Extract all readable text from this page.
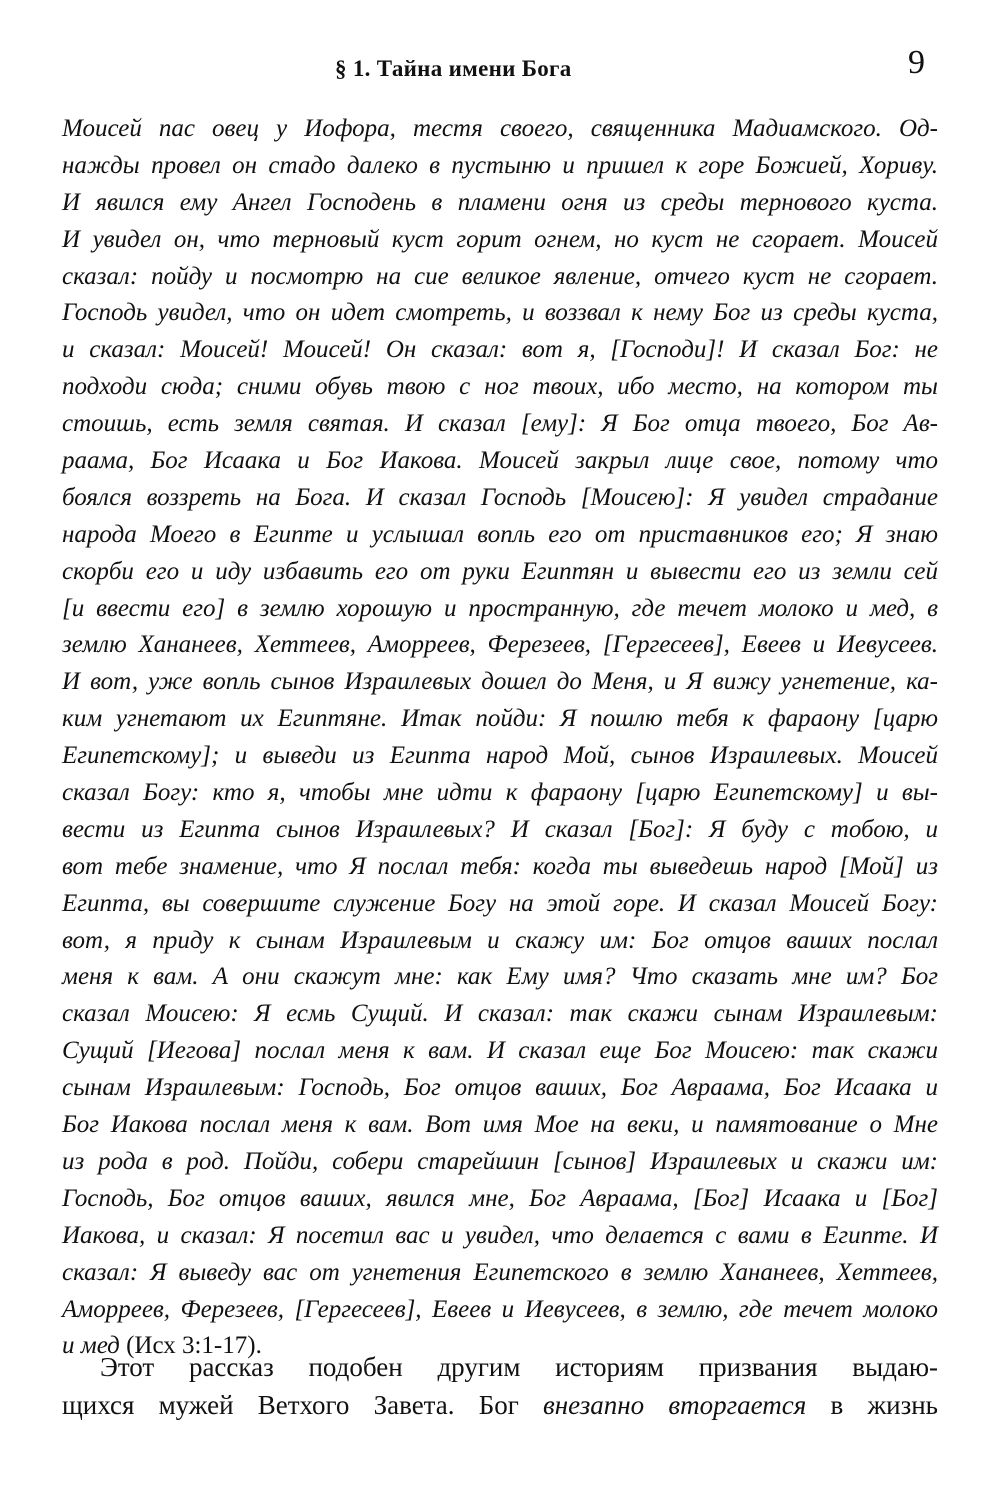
§ 1. Тайна имени Бога	9
Моисей пас овец у Иофора, тестя своего, священника Мадиамского. Од-
нажды провел он стадо далеко в пустыню и пришел к горе Божией, Хориву.
И явился ему Ангел Господень в пламени огня из среды тернового куста.
И увидел он, что терновый куст горит огнем, но куст не сгорает. Моисей
сказал: пойду и посмотрю на сие великое явление, отчего куст не сгорает.
Господь увидел, что он идет смотреть, и воззвал к нему Бог из среды куста,
и сказал: Моисей! Моисей! Он сказал: вот я, [Господи]! И сказал Бог: не
подходи сюда; сними обувь твою с ног твоих, ибо место, на котором ты
стоишь, есть земля святая. И сказал [ему]: Я Бог отца твоего, Бог Ав-
раама, Бог Исаака и Бог Иакова. Моисей закрыл лице свое, потому что
боялся воззреть на Бога. И сказал Господь [Моисею]: Я увидел страдание
народа Моего в Египте и услышал вопль его от приставников его; Я знаю
скорби его и иду избавить его от руки Египтян и вывести его из земли сей
[и ввести его] в землю хорошую и пространную, где течет молоко и мед, в
землю Хананеев, Хеттеев, Аморреев, Ферезеев, [Гергесеев], Евеев и Иевусеев.
И вот, уже вопль сынов Израилевых дошел до Меня, и Я вижу угнетение, ка-
ким угнетают их Египтяне. Итак пойди: Я пошлю тебя к фараону [царю
Египетскому]; и выведи из Египта народ Мой, сынов Израилевых. Моисей
сказал Богу: кто я, чтобы мне идти к фараону [царю Египетскому] и вы-
вести из Египта сынов Израилевых? И сказал [Бог]: Я буду с тобою, и
вот тебе знамение, что Я послал тебя: когда ты выведешь народ [Мой] из
Египта, вы совершите служение Богу на этой горе. И сказал Моисей Богу:
вот, я приду к сынам Израилевым и скажу им: Бог отцов ваших послал
меня к вам. А они скажут мне: как Ему имя? Что сказать мне им? Бог
сказал Моисею: Я есмь Сущий. И сказал: так скажи сынам Израилевым:
Сущий [Иегова] послал меня к вам. И сказал еще Бог Моисею: так скажи
сынам Израилевым: Господь, Бог отцов ваших, Бог Авраама, Бог Исаака и
Бог Иакова послал меня к вам. Вот имя Мое на веки, и памятование о Мне
из рода в род. Пойди, собери старейшин [сынов] Израилевых и скажи им:
Господь, Бог отцов ваших, явился мне, Бог Авраама, [Бог] Исаака и [Бог]
Иакова, и сказал: Я посетил вас и увидел, что делается с вами в Египте. И
сказал: Я выведу вас от угнетения Египетского в землю Хананеев, Хеттеев,
Аморреев, Ферезеев, [Гергесеев], Евеев и Иевусеев, в землю, где течет молоко
и мед (Исх 3:1-17).
Этот рассказ подобен другим историям призвания выдаю-
щихся мужей Ветхого Завета. Бог внезапно вторгается в жизнь
